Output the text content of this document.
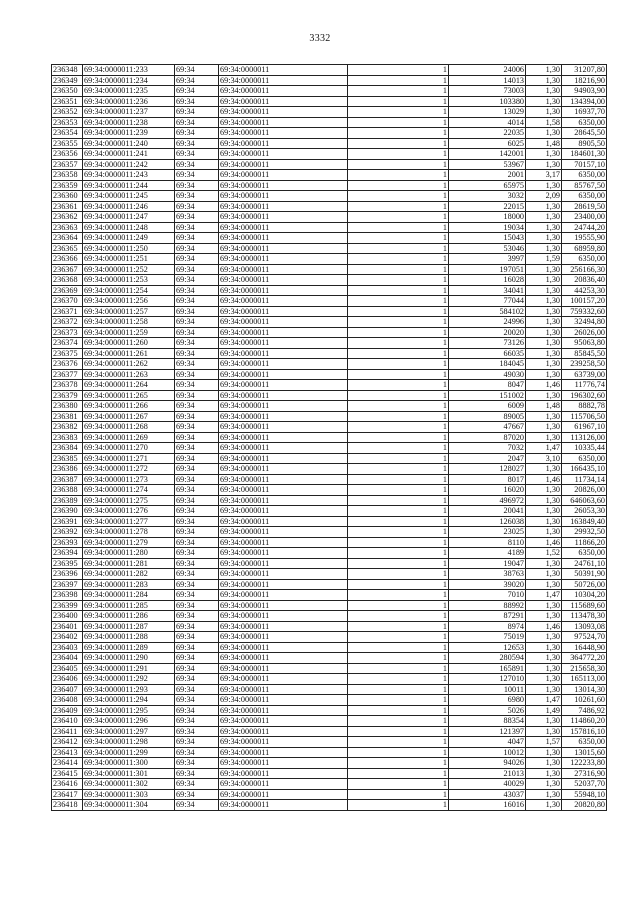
3332
236348	69:34:0000011:233	69:34	69:34:0000011	1	24006	1,30	31207,80
236349	69:34:0000011:234	69:34	69:34:0000011	1	14013	1,30	18216,90
236350	69:34:0000011:235	69:34	69:34:0000011	1	73003	1,30	94903,90
236351	69:34:0000011:236	69:34	69:34:0000011	1	103380	1,30	134394,00
236352	69:34:0000011:237	69:34	69:34:0000011	1	13029	1,30	16937,70
236353	69:34:0000011:238	69:34	69:34:0000011	1	4014	1,58	6350,00
236354	69:34:0000011:239	69:34	69:34:0000011	1	22035	1,30	28645,50
236355	69:34:0000011:240	69:34	69:34:0000011	1	6025	1,48	8905,50
236356	69:34:0000011:241	69:34	69:34:0000011	1	142001	1,30	184601,30
236357	69:34:0000011:242	69:34	69:34:0000011	1	53967	1,30	70157,10
236358	69:34:0000011:243	69:34	69:34:0000011	1	2001	3,17	6350,00
236359	69:34:0000011:244	69:34	69:34:0000011	1	65975	1,30	85767,50
236360	69:34:0000011:245	69:34	69:34:0000011	1	3032	2,09	6350,00
236361	69:34:0000011:246	69:34	69:34:0000011	1	22015	1,30	28619,50
236362	69:34:0000011:247	69:34	69:34:0000011	1	18000	1,30	23400,00
236363	69:34:0000011:248	69:34	69:34:0000011	1	19034	1,30	24744,20
236364	69:34:0000011:249	69:34	69:34:0000011	1	15043	1,30	19555,90
236365	69:34:0000011:250	69:34	69:34:0000011	1	53046	1,30	68959,80
236366	69:34:0000011:251	69:34	69:34:0000011	1	3997	1,59	6350,00
236367	69:34:0000011:252	69:34	69:34:0000011	1	197051	1,30	256166,30
236368	69:34:0000011:253	69:34	69:34:0000011	1	16028	1,30	20836,40
236369	69:34:0000011:254	69:34	69:34:0000011	1	34041	1,30	44253,30
236370	69:34:0000011:256	69:34	69:34:0000011	1	77044	1,30	100157,20
236371	69:34:0000011:257	69:34	69:34:0000011	1	584102	1,30	759332,60
236372	69:34:0000011:258	69:34	69:34:0000011	1	24996	1,30	32494,80
236373	69:34:0000011:259	69:34	69:34:0000011	1	20020	1,30	26026,00
236374	69:34:0000011:260	69:34	69:34:0000011	1	73126	1,30	95063,80
236375	69:34:0000011:261	69:34	69:34:0000011	1	66035	1,30	85845,50
236376	69:34:0000011:262	69:34	69:34:0000011	1	184045	1,30	239258,50
236377	69:34:0000011:263	69:34	69:34:0000011	1	49030	1,30	63739,00
236378	69:34:0000011:264	69:34	69:34:0000011	1	8047	1,46	11776,74
236379	69:34:0000011:265	69:34	69:34:0000011	1	151002	1,30	196302,60
236380	69:34:0000011:266	69:34	69:34:0000011	1	6009	1,48	8882,78
236381	69:34:0000011:267	69:34	69:34:0000011	1	89005	1,30	115706,50
236382	69:34:0000011:268	69:34	69:34:0000011	1	47667	1,30	61967,10
236383	69:34:0000011:269	69:34	69:34:0000011	1	87020	1,30	113126,00
236384	69:34:0000011:270	69:34	69:34:0000011	1	7032	1,47	10335,44
236385	69:34:0000011:271	69:34	69:34:0000011	1	2047	3,10	6350,00
236386	69:34:0000011:272	69:34	69:34:0000011	1	128027	1,30	166435,10
236387	69:34:0000011:273	69:34	69:34:0000011	1	8017	1,46	11734,14
236388	69:34:0000011:274	69:34	69:34:0000011	1	16020	1,30	20826,00
236389	69:34:0000011:275	69:34	69:34:0000011	1	496972	1,30	646063,60
236390	69:34:0000011:276	69:34	69:34:0000011	1	20041	1,30	26053,30
236391	69:34:0000011:277	69:34	69:34:0000011	1	126038	1,30	163849,40
236392	69:34:0000011:278	69:34	69:34:0000011	1	23025	1,30	29932,50
236393	69:34:0000011:279	69:34	69:34:0000011	1	8110	1,46	11866,20
236394	69:34:0000011:280	69:34	69:34:0000011	1	4189	1,52	6350,00
236395	69:34:0000011:281	69:34	69:34:0000011	1	19047	1,30	24761,10
236396	69:34:0000011:282	69:34	69:34:0000011	1	38763	1,30	50391,90
236397	69:34:0000011:283	69:34	69:34:0000011	1	39020	1,30	50726,00
236398	69:34:0000011:284	69:34	69:34:0000011	1	7010	1,47	10304,20
236399	69:34:0000011:285	69:34	69:34:0000011	1	88992	1,30	115689,60
236400	69:34:0000011:286	69:34	69:34:0000011	1	87291	1,30	113478,30
236401	69:34:0000011:287	69:34	69:34:0000011	1	8974	1,46	13093,08
236402	69:34:0000011:288	69:34	69:34:0000011	1	75019	1,30	97524,70
236403	69:34:0000011:289	69:34	69:34:0000011	1	12653	1,30	16448,90
236404	69:34:0000011:290	69:34	69:34:0000011	1	280594	1,30	364772,20
236405	69:34:0000011:291	69:34	69:34:0000011	1	165891	1,30	215658,30
236406	69:34:0000011:292	69:34	69:34:0000011	1	127010	1,30	165113,00
236407	69:34:0000011:293	69:34	69:34:0000011	1	10011	1,30	13014,30
236408	69:34:0000011:294	69:34	69:34:0000011	1	6980	1,47	10261,60
236409	69:34:0000011:295	69:34	69:34:0000011	1	5026	1,49	7486,92
236410	69:34:0000011:296	69:34	69:34:0000011	1	88354	1,30	114860,20
236411	69:34:0000011:297	69:34	69:34:0000011	1	121397	1,30	157816,10
236412	69:34:0000011:298	69:34	69:34:0000011	1	4047	1,57	6350,00
236413	69:34:0000011:299	69:34	69:34:0000011	1	10012	1,30	13015,60
236414	69:34:0000011:300	69:34	69:34:0000011	1	94026	1,30	122233,80
236415	69:34:0000011:301	69:34	69:34:0000011	1	21013	1,30	27316,90
236416	69:34:0000011:302	69:34	69:34:0000011	1	40029	1,30	52037,70
236417	69:34:0000011:303	69:34	69:34:0000011	1	43037	1,30	55948,10
236418	69:34:0000011:304	69:34	69:34:0000011	1	16016	1,30	20820,80
